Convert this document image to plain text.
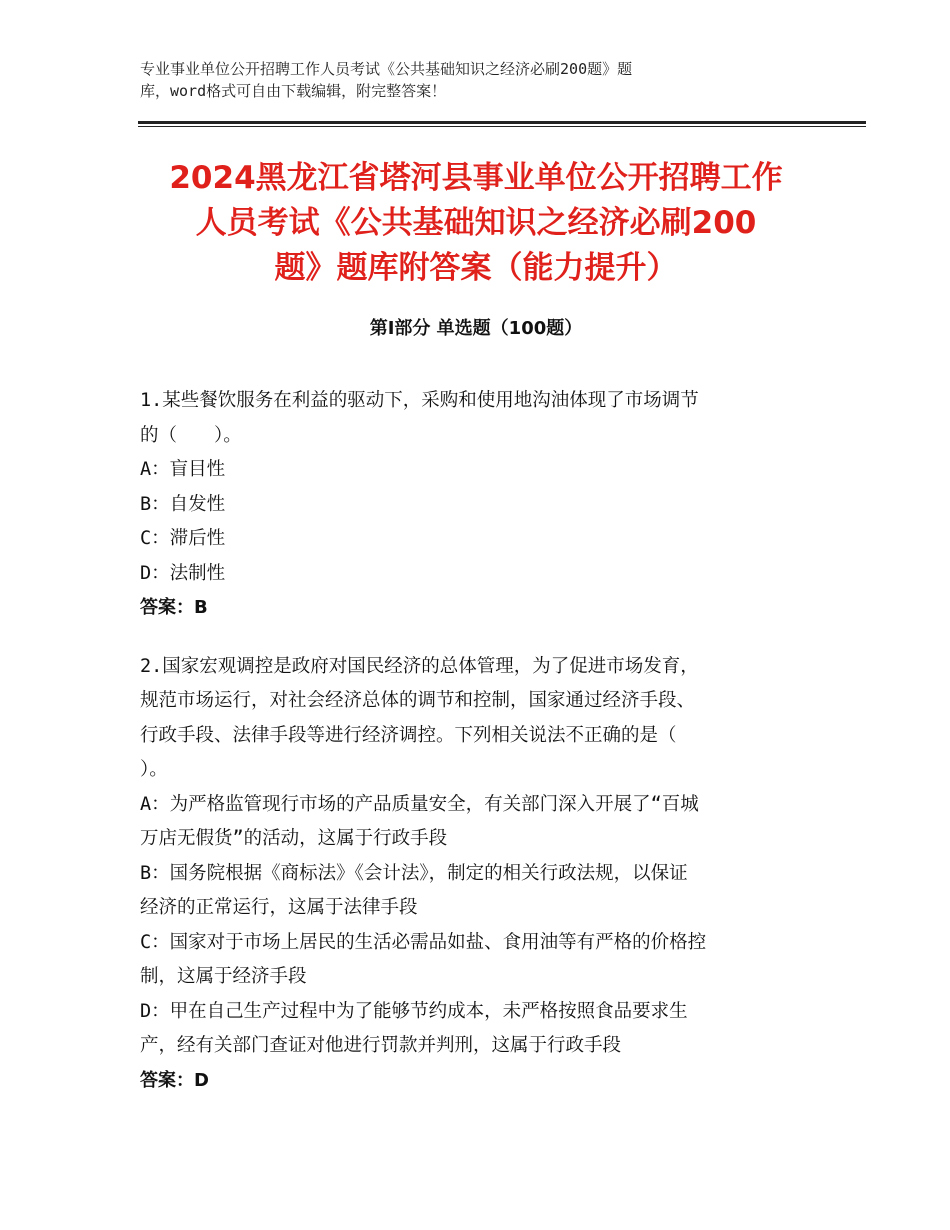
专业事业单位公开招聘工作人员考试《公共基础知识之经济必刷200题》题
库，word格式可自由下载编辑，附完整答案！
2024黑龙江省塔河县事业单位公开招聘工作
人员考试《公共基础知识之经济必刷200
题》题库附答案（能力提升）
第Ⅰ部分 单选题（100题）
1.某些餐饮服务在利益的驱动下，采购和使用地沟油体现了市场调节
的（　　）。
A：盲目性
B：自发性
C：滞后性
D：法制性
答案：B
2.国家宏观调控是政府对国民经济的总体管理，为了促进市场发育，
规范市场运行，对社会经济总体的调节和控制，国家通过经济手段、
行政手段、法律手段等进行经济调控。下列相关说法不正确的是（
）。
A：为严格监管现行市场的产品质量安全，有关部门深入开展了“百城
万店无假货”的活动，这属于行政手段
B：国务院根据《商标法》《会计法》，制定的相关行政法规，以保证
经济的正常运行，这属于法律手段
C：国家对于市场上居民的生活必需品如盐、食用油等有严格的价格控
制，这属于经济手段
D：甲在自己生产过程中为了能够节约成本，未严格按照食品要求生
产，经有关部门查证对他进行罚款并判刑，这属于行政手段
答案：D
